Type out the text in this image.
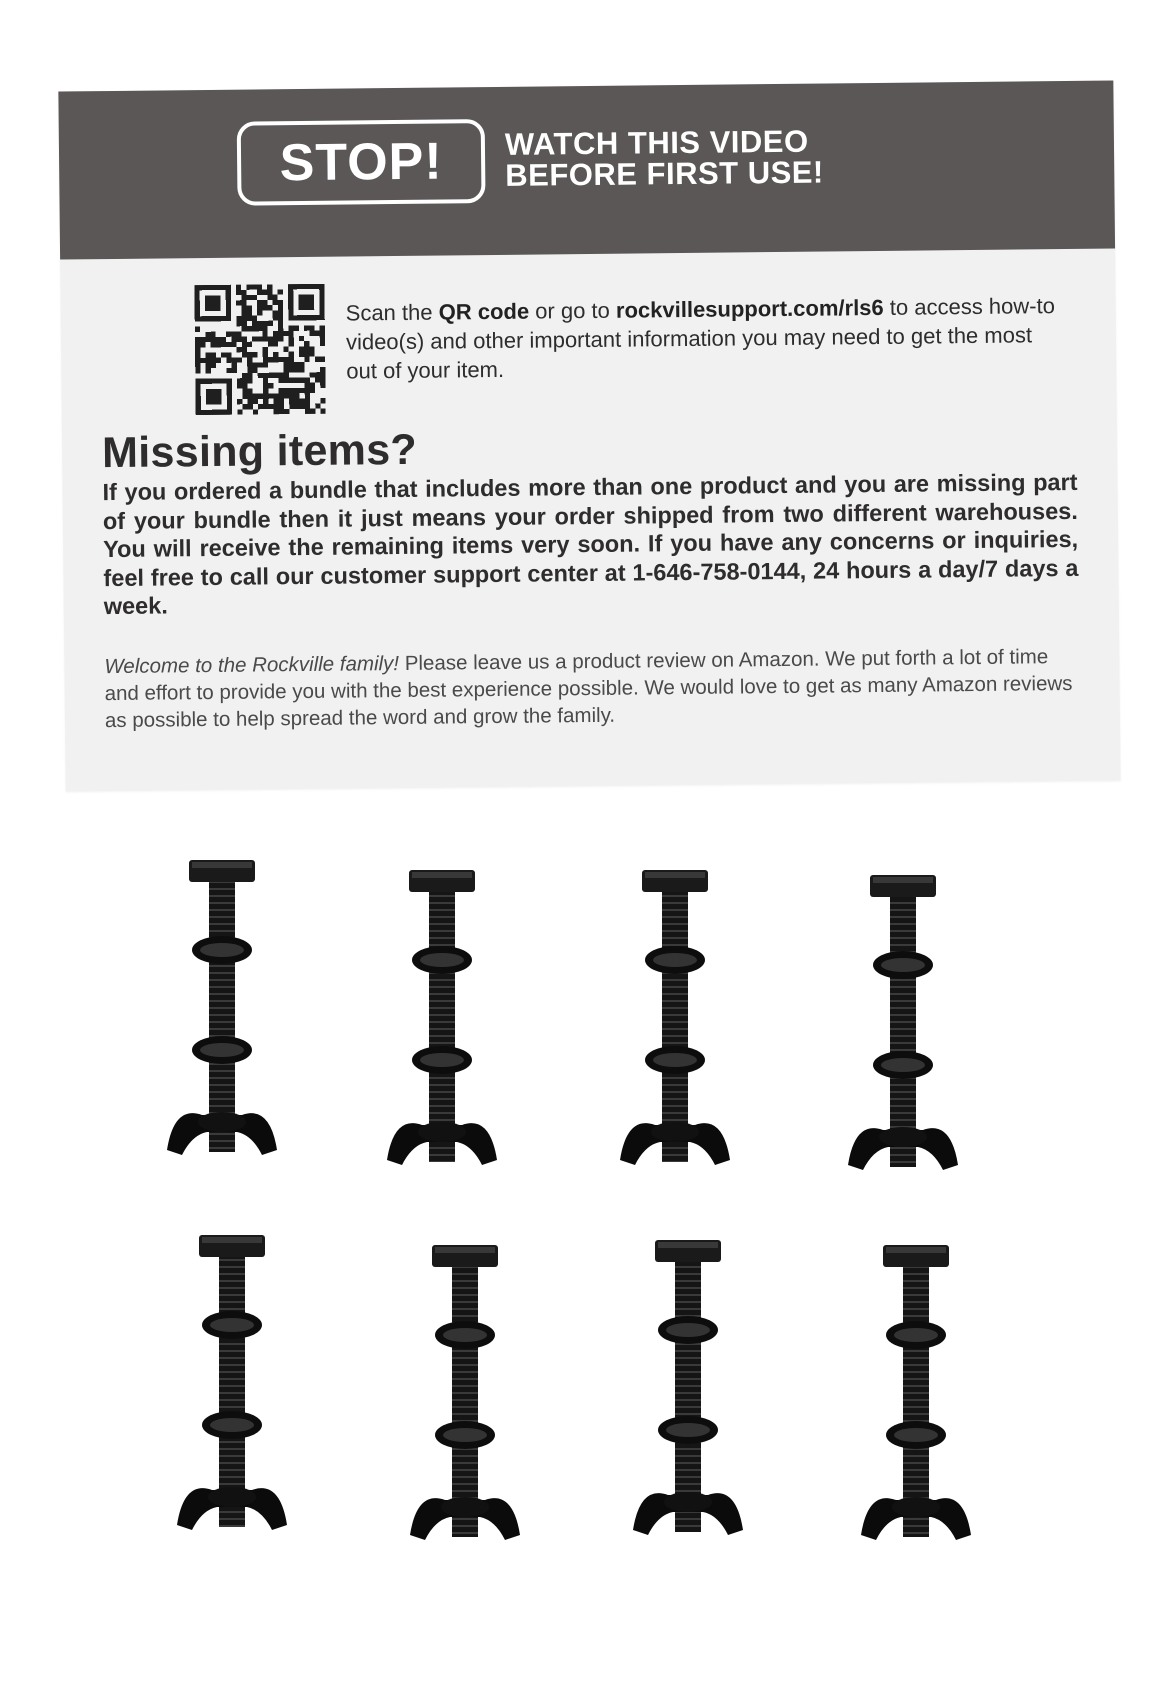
STOP!	WATCH THIS VIDEO
BEFORE FIRST USE!
Scan the QR code or go to rockvillesupport.com/rls6 to access how-to video(s) and other important information you may need to get the most out of your item.
Missing items?
If you ordered a bundle that includes more than one product and you are missing part of your bundle then it just means your order shipped from two different warehouses. You will receive the remaining items very soon. If you have any concerns or inquiries, feel free to call our customer support center at 1-646-758-0144, 24 hours a day/7 days a week.
Welcome to the Rockville family! Please leave us a product review on Amazon. We put forth a lot of time and effort to provide you with the best experience possible. We would love to get as many Amazon reviews as possible to help spread the word and grow the family.
